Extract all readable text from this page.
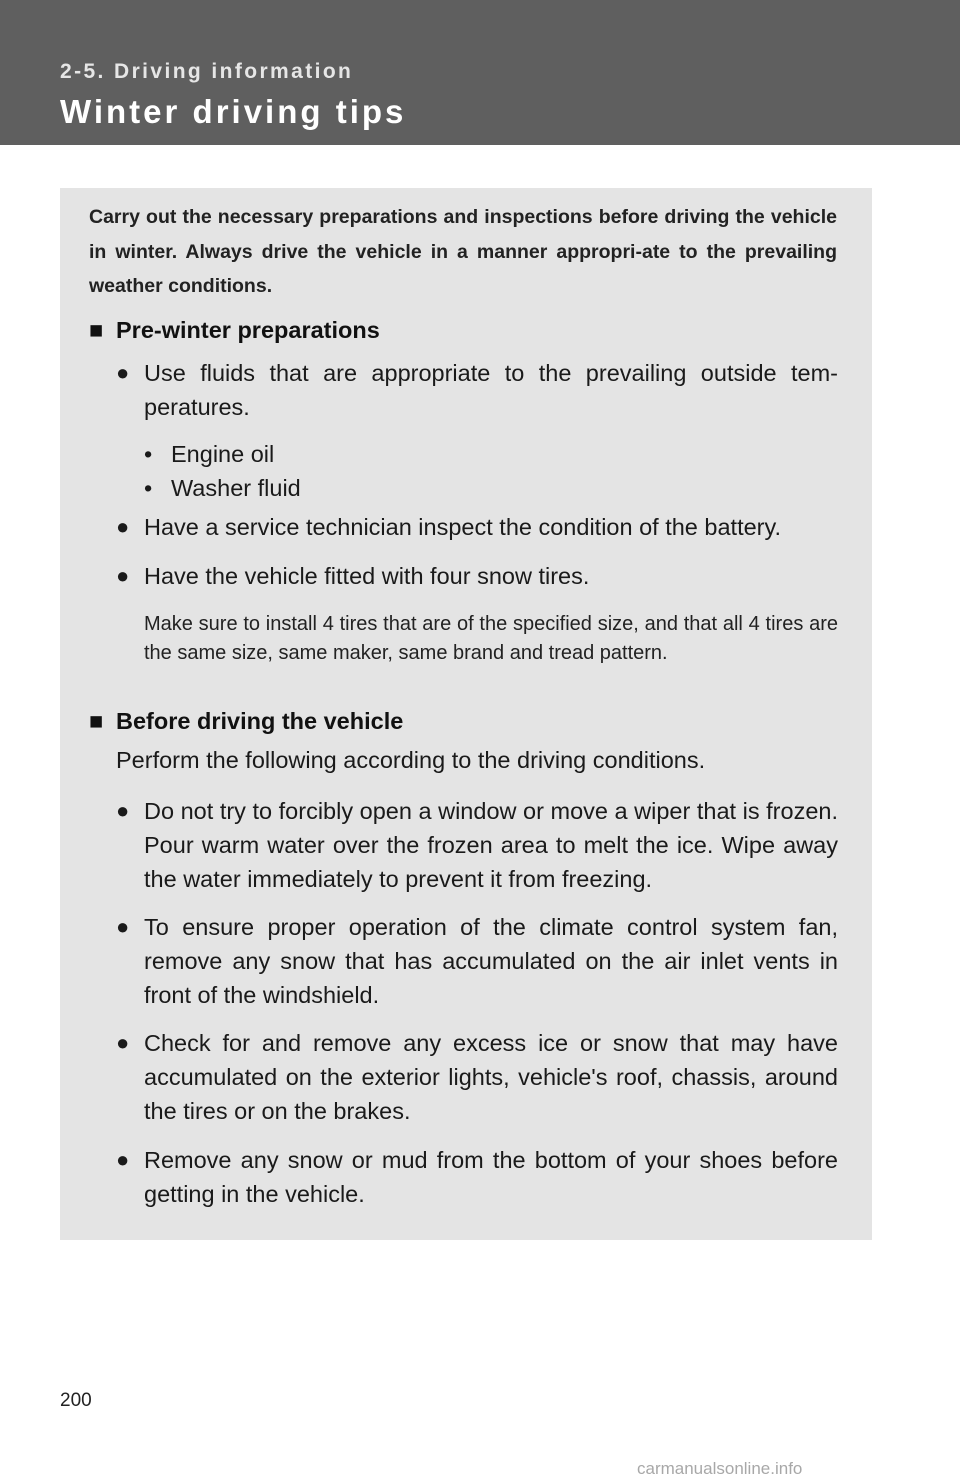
2-5. Driving information
Winter driving tips
Carry out the necessary preparations and inspections before driving the vehicle in winter. Always drive the vehicle in a manner appropri-ate to the prevailing weather conditions.
■ Pre-winter preparations
● Use fluids that are appropriate to the prevailing outside tem-peratures.
• Engine oil
• Washer fluid
● Have a service technician inspect the condition of the battery.
● Have the vehicle fitted with four snow tires.
Make sure to install 4 tires that are of the specified size, and that all 4 tires are the same size, same maker, same brand and tread pattern.
■ Before driving the vehicle
Perform the following according to the driving conditions.
● Do not try to forcibly open a window or move a wiper that is frozen. Pour warm water over the frozen area to melt the ice. Wipe away the water immediately to prevent it from freezing.
● To ensure proper operation of the climate control system fan, remove any snow that has accumulated on the air inlet vents in front of the windshield.
● Check for and remove any excess ice or snow that may have accumulated on the exterior lights, vehicle's roof, chassis, around the tires or on the brakes.
● Remove any snow or mud from the bottom of your shoes before getting in the vehicle.
200
carmanualsonline.info
